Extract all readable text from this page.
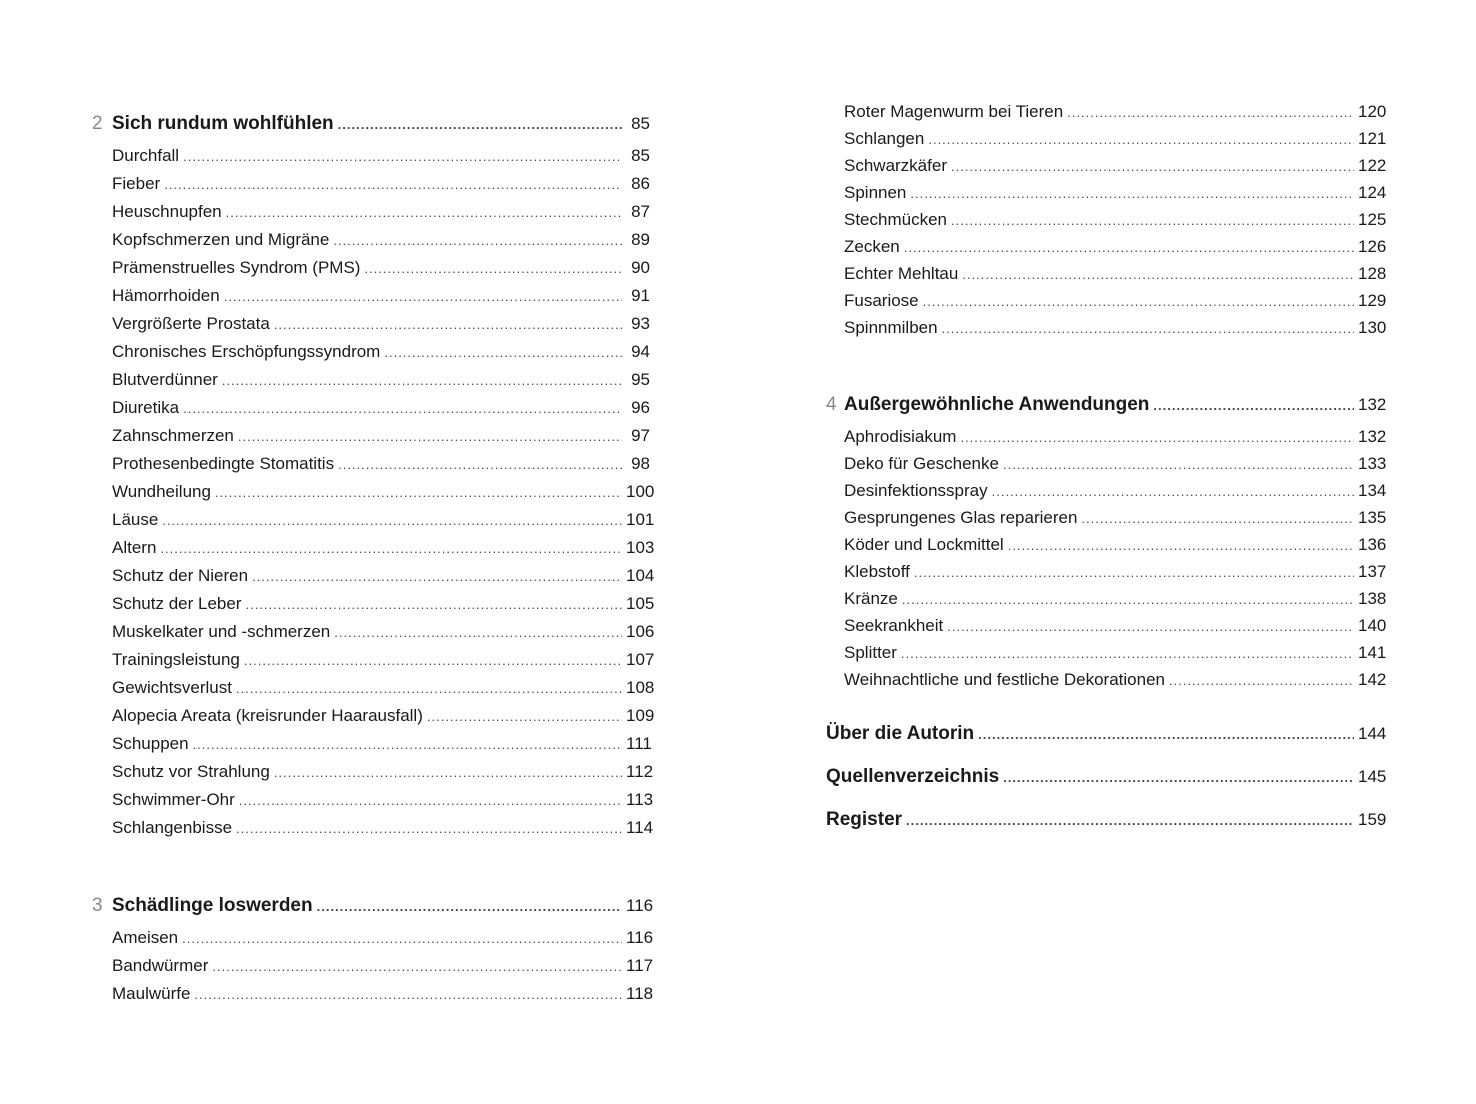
2 Sich rundum wohlfühlen .....	85
Durchfall .....	85
Fieber .....	86
Heuschnupfen .....	87
Kopfschmerzen und Migräne .....	89
Prämenstruelles Syndrom (PMS) .....	90
Hämorrhoiden .....	91
Vergrößerte Prostata .....	93
Chronisches Erschöpfungssyndrom .....	94
Blutverdünner .....	95
Diuretika .....	96
Zahnschmerzen .....	97
Prothesenbedingte Stomatitis .....	98
Wundheilung .....	100
Läuse .....	101
Altern .....	103
Schutz der Nieren .....	104
Schutz der Leber .....	105
Muskelkater und -schmerzen .....	106
Trainingsleistung .....	107
Gewichtsverlust .....	108
Alopecia Areata (kreisrunder Haarausfall) .....	109
Schuppen .....	111
Schutz vor Strahlung .....	112
Schwimmer-Ohr .....	113
Schlangenbisse .....	114
3 Schädlinge loswerden .....	116
Ameisen .....	116
Bandwürmer .....	117
Maulwürfe .....	118
Roter Magenwurm bei Tieren .....	120
Schlangen .....	121
Schwarzkäfer .....	122
Spinnen .....	124
Stechmücken .....	125
Zecken .....	126
Echter Mehltau .....	128
Fusariose .....	129
Spinnmilben .....	130
4 Außergewöhnliche Anwendungen .....	132
Aphrodisiakum .....	132
Deko für Geschenke .....	133
Desinfektionsspray .....	134
Gesprungenes Glas reparieren .....	135
Köder und Lockmittel .....	136
Klebstoff .....	137
Kränze .....	138
Seekrankheit .....	140
Splitter .....	141
Weihnachtliche und festliche Dekorationen .....	142
Über die Autorin .....	144
Quellenverzeichnis .....	145
Register .....	159
